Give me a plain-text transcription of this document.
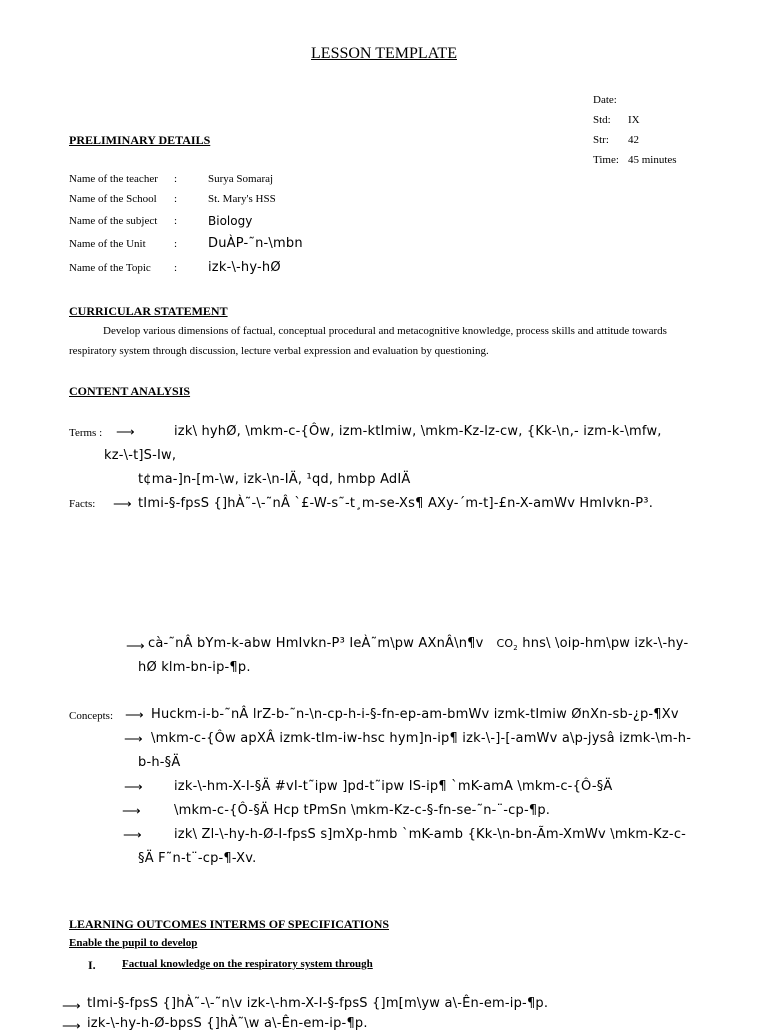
LESSON TEMPLATE
Date:
Std: IX
Str: 42
Time: 45 minutes
PRELIMINARY DETAILS
Name of the teacher :	Surya Somaraj
Name of the School :	St. Mary's HSS
Name of the subject :	Biology
Name of the Unit	: DuÀP-˜n-\mbn
Name of the Topic : izk-\-hy-hØ
CURRICULAR STATEMENT
Develop various dimensions of factual, conceptual procedural and metacognitive knowledge, process skills and attitude towards respiratory system through discussion, lecture verbal expression and evaluation by questioning.
CONTENT ANALYSIS
Terms : ⟶	izk\ hyhØ, \mkm-c-{Ôw, izm-ktImiw, \mkm-Kz-lz-cw, {Kk-\n,- izm-k-\mfw,
kz-\-t]S-Iw,
t¢ma-]n-[m-\w, izk-\n-IÄ, ¹qd, hmbp AdIÄ
Facts: ⟶ tImi-§-fpsS {]hÀ˜-\-˜nÂ `£-W-s˜-t¸m-se-Xs¶ AXy-´m-t]-£n-X-amWv HmIvkn-P³.
⟶ cà-˜nÂ bYm-k-abw HmIvkn-P³ IeÀ˜m\pw AXnÂ\n¶v $CO_2$ hns\ \oip-hm\pw izk-\-hy-
hØ klm-bn-ip-¶p.
Concepts: ⟶ Huckm-i-b-˜nÂ lrZ-b-˜n-\n-cp-h-i-§-fn-ep-am-bmWv izmk-tImiw ØnXn-sb-¿p-¶Xv
⟶ \mkm-c-{Ôw apXÂ izmk-tIm-iw-hsc hym]n-ip¶ izk-\-]-[-amWv a\p-jysâ izmk-\m-h-
b-h-§Ä
⟶ izk-\-hm-X-I-§Ä #vI-t˜ipw ]pd-t˜ipw IS-ip¶ `mK-amA \mkm-c-{Ô-§Ä
⟶	\mkm-c-{Ô-§Ä Hcp tPmSn \mkm-Kz-c-§-fn-se-˜n-¨-cp-¶p.
⟶ izk\ Zl-\-hy-h-Ø-I-fpsS s]mXp-hmb `mK-amb {Kk-\n-bn-Ãm-XmWv \mkm-Kz-c-
§Ä F˜n-t¨-cp-¶-Xv.
LEARNING OUTCOMES INTERMS OF SPECIFICATIONS
Enable the pupil to develop
I. Factual knowledge on the respiratory system through
⟶ tImi-§-fpsS {]hÀ˜-\-˜n\v izk-\-hm-X-I-§-fpsS {]m[m\yw a\-Ên-em-ip-¶p.
⟶ izk-\-hy-h-Ø-bpsS {]hÀ˜\w a\-Ên-em-ip-¶p.
